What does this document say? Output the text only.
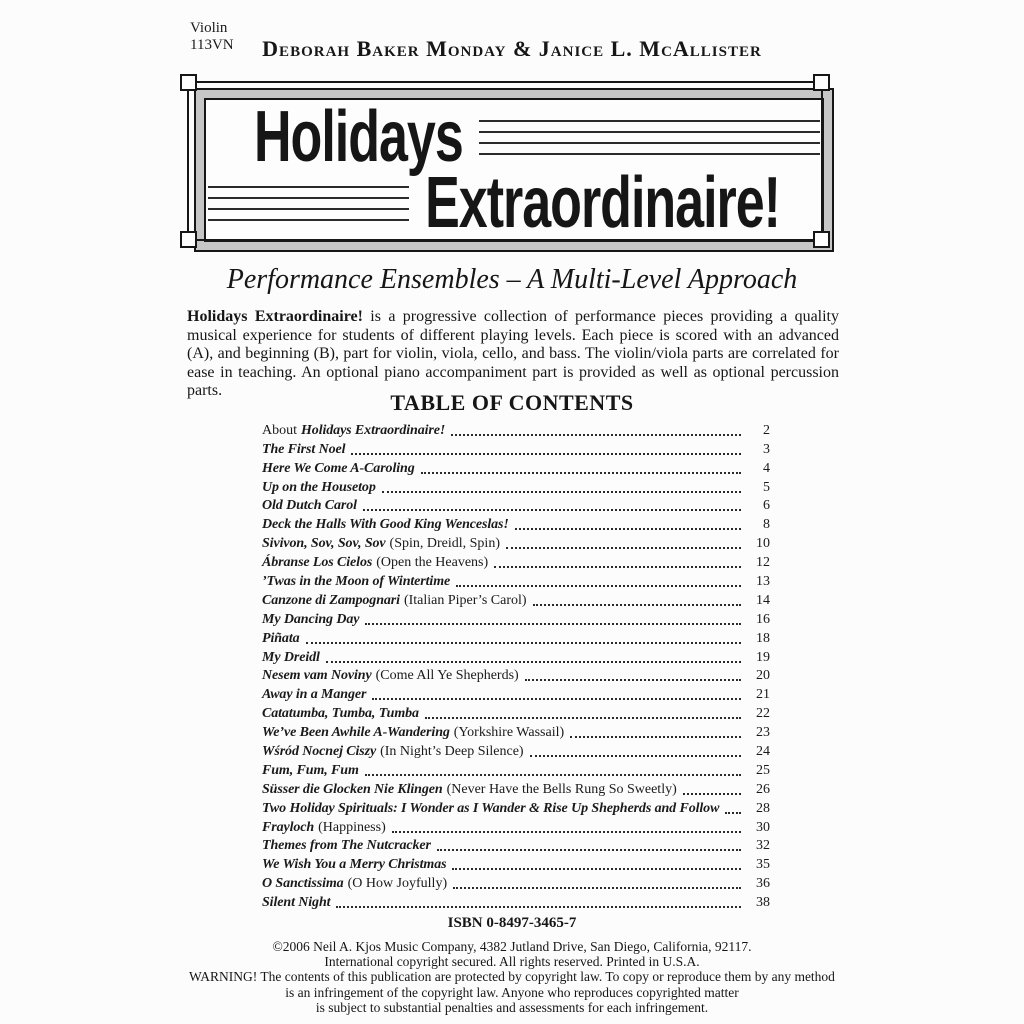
Violin
113VN	Deborah Baker Monday & Janice L. McAllister
Holidays
Extraordinaire!
Performance Ensembles – A Multi-Level Approach
Holidays Extraordinaire! is a progressive collection of performance pieces providing a quality musical experience for students of different playing levels. Each piece is scored with an advanced (A), and beginning (B), part for violin, viola, cello, and bass. The violin/viola parts are correlated for ease in teaching. An optional piano accompaniment part is provided as well as optional percussion parts.	TABLE OF CONTENTS
About Holidays Extraordinaire!	2
The First Noel	3
Here We Come A-Caroling	4
Up on the Housetop	5
Old Dutch Carol	6
Deck the Halls With Good King Wenceslas!	8
Sivivon, Sov, Sov, Sov (Spin, Dreidl, Spin)	10
Ábranse Los Cielos (Open the Heavens)	12
’Twas in the Moon of Wintertime	13
Canzone di Zampognari (Italian Piper’s Carol)	14
My Dancing Day	16
Piñata	18
My Dreidl	19
Nesem vam Noviny (Come All Ye Shepherds)	20
Away in a Manger	21
Catatumba, Tumba, Tumba	22
We’ve Been Awhile A-Wandering (Yorkshire Wassail)	23
Wśród Nocnej Ciszy (In Night’s Deep Silence)	24
Fum, Fum, Fum	25
Süsser die Glocken Nie Klingen (Never Have the Bells Rung So Sweetly)	26
Two Holiday Spirituals: I Wonder as I Wander & Rise Up Shepherds and Follow	28
Frayloch (Happiness)	30
Themes from The Nutcracker	32
We Wish You a Merry Christmas	35
O Sanctissima (O How Joyfully)	36
Silent Night	38
ISBN 0-8497-3465-7
©2006 Neil A. Kjos Music Company, 4382 Jutland Drive, San Diego, California, 92117.
International copyright secured. All rights reserved. Printed in U.S.A.
WARNING! The contents of this publication are protected by copyright law. To copy or reproduce them by any method
is an infringement of the copyright law. Anyone who reproduces copyrighted matter
is subject to substantial penalties and assessments for each infringement.
